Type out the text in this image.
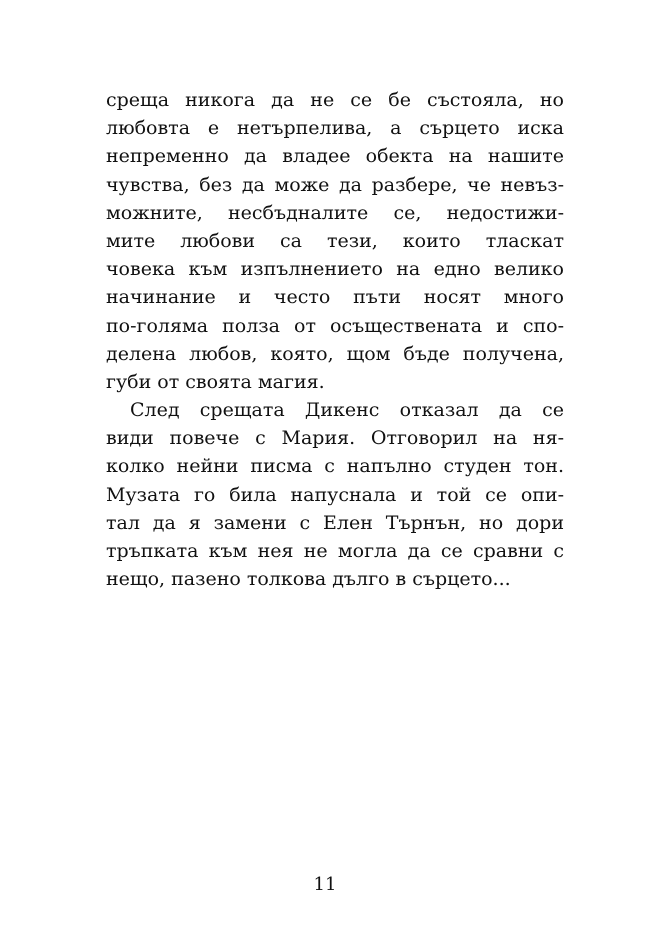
среща никога да не се бе състояла, но
любовта е нетърпелива, а сърцето иска
непременно да владее обекта на нашите
чувства, без да може да разбере, че невъз-
можните, несбъдналите се, недостижи-
мите любови са тези, които тласкат
човека към изпълнението на едно велико
начинание и често пъти носят много
по-голяма полза от осъществената и спо-
делена любов, която, щом бъде получена,
губи от своята магия.
След срещата Дикенс отказал да се
види повече с Мария. Отговорил на ня-
колко нейни писма с напълно студен тон.
Музата го била напуснала и той се опи-
тал да я замени с Елен Търнън, но дори
тръпката към нея не могла да се сравни с
нещо, пазено толкова дълго в сърцето...
11
